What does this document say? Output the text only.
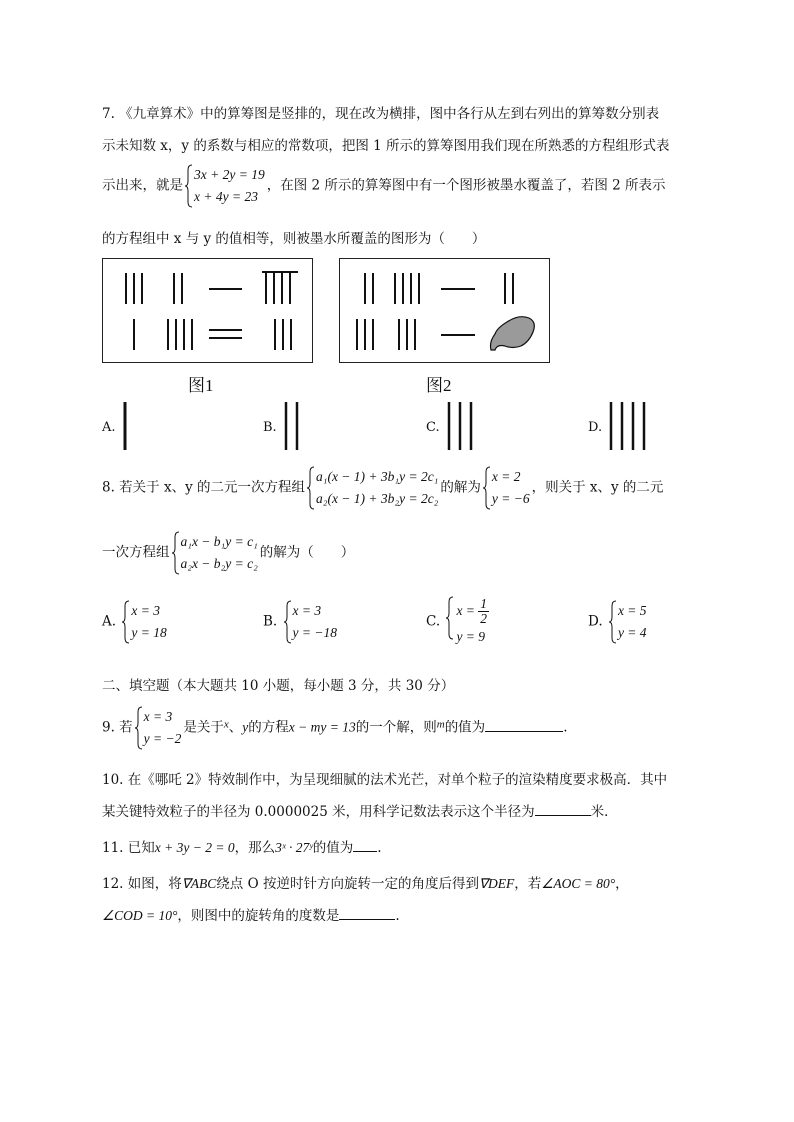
7. 《九章算术》中的算筹图是竖排的，现在改为横排，图中各行从左到右列出的算筹数分别表
示未知数 x，y 的系数与相应的常数项，把图 1 所示的算筹图用我们现在所熟悉的方程组形式表
示出来，就是
3x + 2y = 19
x + 4y = 23
，在图 2 所示的算筹图中有一个图形被墨水覆盖了，若图 2 所表示
的方程组中 x 与 y 的值相等，则被墨水所覆盖的图形为（　　）
图1	图2
A.	B.	C.	D.
8. 若关于 x、y 的二元一次方程组
a₁(x − 1) + 3b₁y = 2c₁
a₂(x − 1) + 3b₂y = 2c₂
的解为
x = 2
y = −6
，则关于 x、y 的二元
一次方程组
a₁x − b₁y = c₁
a₂x − b₂y = c₂
的解为（　　）
A.
x = 3
y = 18
B.
x = 3
y = −18
C.
$x = \frac{1}{2}$
y = 9
D.
x = 5
y = 4
二、填空题（本大题共 10 小题，每小题 3 分，共 30 分）
9. 若
x = 3
y = −2
是关于$^x$、y的方程x − my = 13的一个解，则$^m$的值为	.
10. 在《哪吒 2》特效制作中，为呈现细腻的法术光芒，对单个粒子的渲染精度要求极高．其中
某关键特效粒子的半径为 0.0000025 米，用科学记数法表示这个半径为	米．
11. 已知x + 3y − 2 = 0，那么3ˣ · 27ʸ的值为 .
12. 如图，将∇ABC绕点 O 按逆时针方向旋转一定的角度后得到∇DEF，若∠AOC = 80°，
∠COD = 10°，则图中的旋转角的度数是	.
